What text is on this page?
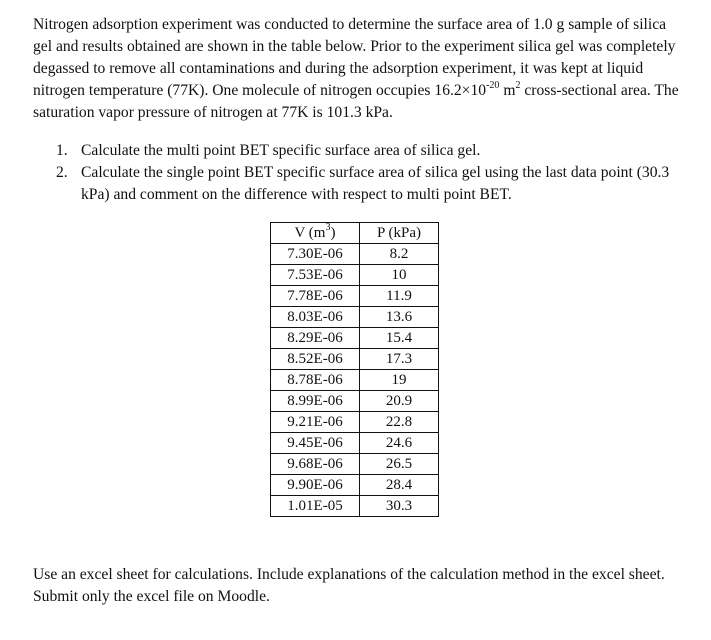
Nitrogen adsorption experiment was conducted to determine the surface area of 1.0 g sample of silica gel and results obtained are shown in the table below. Prior to the experiment silica gel was completely degassed to remove all contaminations and during the adsorption experiment, it was kept at liquid nitrogen temperature (77K). One molecule of nitrogen occupies $16.2\times 10^{-20}$ $m^2$ cross-sectional area. The saturation vapor pressure of nitrogen at 77K is 101.3 kPa.

1. Calculate the multi point BET specific surface area of silica gel.
2. Calculate the single point BET specific surface area of silica gel using the last data point (30.3 kPa) and comment on the difference with respect to multi point BET.
V $(m^3)$	P (kPa)
7.30E-06	8.2
7.53E-06	10
7.78E-06	11.9
8.03E-06	13.6
8.29E-06	15.4
8.52E-06	17.3
8.78E-06	19
8.99E-06	20.9
9.21E-06	22.8
9.45E-06	24.6
9.68E-06	26.5
9.90E-06	28.4
1.01E-05	30.3

Use an excel sheet for calculations. Include explanations of the calculation method in the excel sheet. Submit only the excel file on Moodle.
